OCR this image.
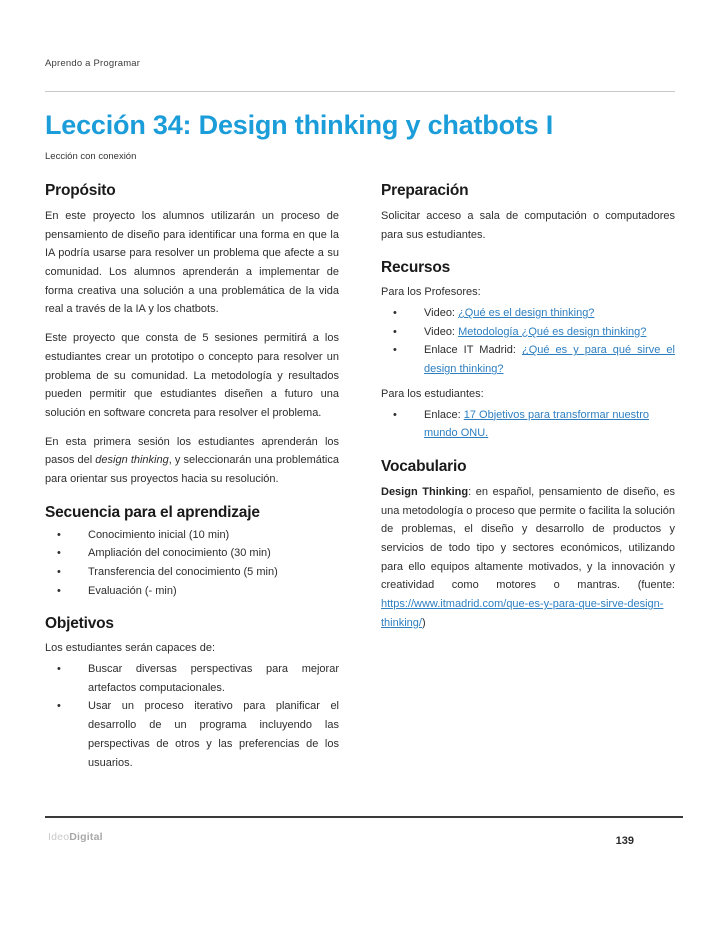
Aprendo a Programar
Lección 34: Design thinking y chatbots I
Lección con conexión
Propósito

En este proyecto los alumnos utilizarán un proceso de pensamiento de diseño para identificar una forma en que la IA podría usarse para resolver un problema que afecte a su comunidad. Los alumnos aprenderán a implementar de forma creativa una solución a una problemática de la vida real a través de la IA y los chatbots.

Este proyecto que consta de 5 sesiones permitirá a los estudiantes crear un prototipo o concepto para resolver un problema de su comunidad. La metodología y resultados pueden permitir que estudiantes diseñen a futuro una solución en software concreta para resolver el problema.

En esta primera sesión los estudiantes aprenderán los pasos del design thinking, y seleccionarán una problemática para orientar sus proyectos hacia su resolución.

Secuencia para el aprendizaje
• Conocimiento inicial (10 min)
• Ampliación del conocimiento (30 min)
• Transferencia del conocimiento (5 min)
• Evaluación (- min)
Objetivos

Los estudiantes serán capaces de:

• Buscar diversas perspectivas para mejorar artefactos computacionales.
• Usar un proceso iterativo para planificar el desarrollo de un programa incluyendo las perspectivas de otros y las preferencias de los usuarios.
Preparación

Solicitar acceso a sala de computación o computadores para sus estudiantes.

Recursos

Para los Profesores:

• Video: ¿Qué es el design thinking?
• Video: Metodología ¿Qué es design thinking?
• Enlace IT Madrid: ¿Qué es y para qué sirve el design thinking?

Para los estudiantes:

• Enlace: 17 Objetivos para transformar nuestro mundo ONU.
Vocabulario

Design Thinking: en español, pensamiento de diseño, es una metodología o proceso que permite o facilita la solución de problemas, el diseño y desarrollo de productos y servicios de todo tipo y sectores económicos, utilizando para ello equipos altamente motivados, y la innovación y creatividad como motores o mantras. (fuente: https://www.itmadrid.com/que-es-y-para-que-sirve-design-thinking/)

IdeoDigital	139
